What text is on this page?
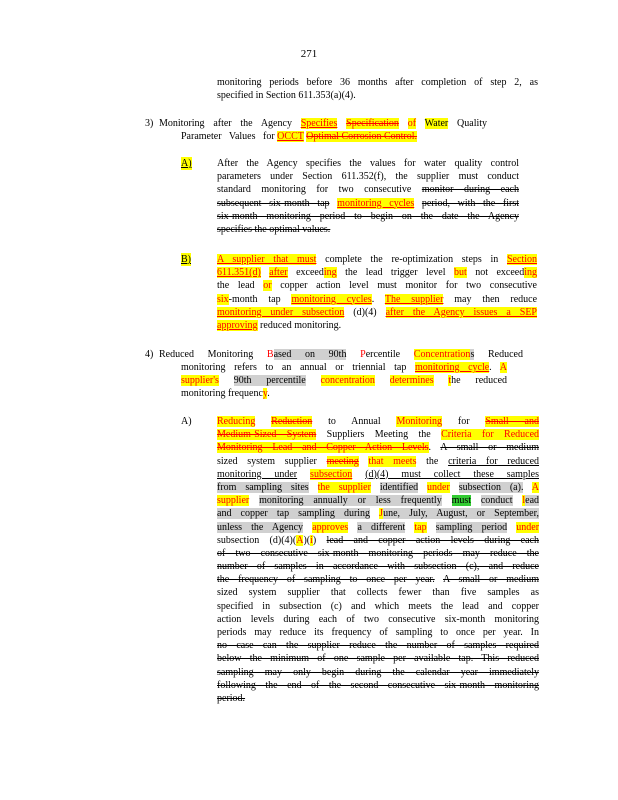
271
monitoring periods before 36 months after completion of step 2, as
specified in Section 611.353(a)(4).
3) Monitoring after the Agency Specifies Specification of Water Quality
Parameter   Values   for OCCT Optimal Corrosion Control.
A)	After the Agency specifies the values for water quality control
parameters under Section 611.352(f), the supplier must conduct
standard monitoring for two consecutive monitor during each
subsequent six-month tap monitoring cycles period, with the first
six-month monitoring period to begin on the date the Agency
specifies the optimal values.
B)	A supplier that must complete the re-optimization steps in Section
611.351(d) after exceeding the lead trigger level but not exceeding
the lead or copper action level must monitor for two consecutive
six-month tap monitoring cycles. The supplier may then reduce
monitoring under subsection (d)(4) after the Agency issues a SEP
approving reduced monitoring.
4) Reduced Monitoring Based on 90th Percentile Concentrations Reduced
monitoring refers to an annual or triennial tap monitoring cycle. A
supplier's 90th percentile concentration determines the reduced
monitoring frequency.
A)	Reducing Reduction to Annual Monitoring for Small and
Medium-Sized System Suppliers Meeting the Criteria for Reduced
Monitoring Lead and Copper Action Levels. A small or medium
sized system supplier meeting that meets the criteria for reduced
monitoring under subsection (d)(4) must collect these samples
from sampling sites the supplier identified under subsection (a). A
supplier monitoring annually or less frequently must conduct lead
and copper tap sampling during June, July, August, or September,
unless the Agency approves a different tap sampling period under
subsection (d)(4)(A)(i) lead and copper action levels during each
of two consecutive six-month monitoring periods may reduce the
number of samples in accordance with subsection (c), and reduce
the frequency of sampling to once per year. A small or medium
sized system supplier that collects fewer than five samples as
specified in subsection (c) and which meets the lead and copper
action levels during each of two consecutive six-month monitoring
periods may reduce its frequency of sampling to once per year. In
no case can the supplier reduce the number of samples required
below the minimum of one sample per available tap. This reduced
sampling may only begin during the calendar year immediately
following the end of the second consecutive six-month monitoring
period.
